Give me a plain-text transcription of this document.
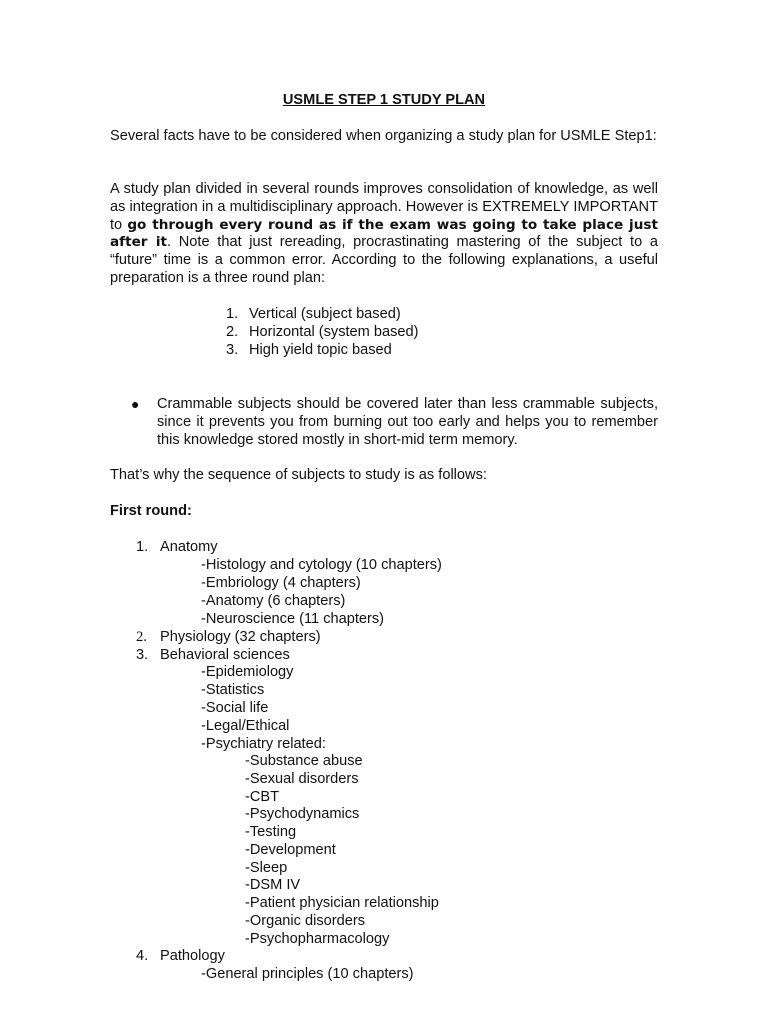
USMLE STEP 1 STUDY PLAN

Several facts have to be considered when organizing a study plan for USMLE Step1:

A study plan divided in several rounds improves consolidation of knowledge, as well as integration in a multidisciplinary approach. However is EXTREMELY IMPORTANT to go through every round as if the exam was going to take place just after it. Note that just rereading, procrastinating mastering of the subject to a “future” time is a common error. According to the following explanations, a useful preparation is a three round plan:

1. Vertical (subject based)
2. Horizontal (system based)
3. High yield topic based
● Crammable subjects should be covered later than less crammable subjects, since it prevents you from burning out too early and helps you to remember this knowledge stored mostly in short-mid term memory.

That’s why the sequence of subjects to study is as follows:
First round:
1. Anatomy
-Histology and cytology (10 chapters)
-Embriology (4 chapters)
-Anatomy (6 chapters)
-Neuroscience (11 chapters)
2. Physiology (32 chapters)
3. Behavioral sciences
-Epidemiology
-Statistics
-Social life
-Legal/Ethical
-Psychiatry related:
-Substance abuse
-Sexual disorders
-CBT
-Psychodynamics
-Testing
-Development
-Sleep
-DSM IV
-Patient physician relationship
-Organic disorders
-Psychopharmacology
4. Pathology
-General principles (10 chapters)
